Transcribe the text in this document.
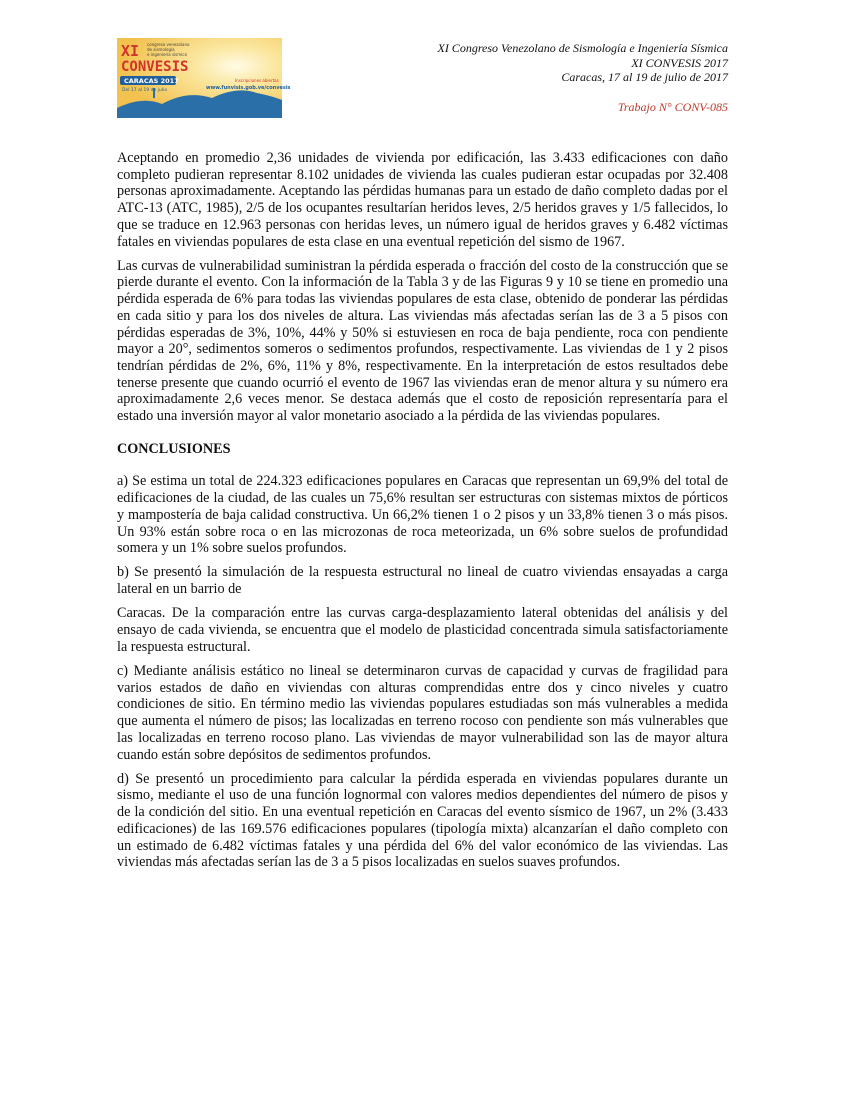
XI
CONVESIS
congreso venezolano
de sismología
e ingeniería sísmica
CARACAS 2017
Del 17 al 19 de julio
Inscripciones abiertas
www.funvisis.gob.ve/convesis
XI Congreso Venezolano de Sismología e Ingeniería Sísmica
XI CONVESIS 2017
Caracas, 17 al 19 de julio de 2017
Trabajo N° CONV-085

Aceptando en promedio 2,36 unidades de vivienda por edificación, las 3.433 edificaciones con daño completo pudieran representar 8.102 unidades de vivienda las cuales pudieran estar ocupadas por 32.408 personas aproximadamente. Aceptando las pérdidas humanas para un estado de daño completo dadas por el ATC-13 (ATC, 1985), 2/5 de los ocupantes resultarían heridos leves, 2/5 heridos graves y 1/5 fallecidos, lo que se traduce en 12.963 personas con heridas leves, un número igual de heridos graves y 6.482 víctimas fatales en viviendas populares de esta clase en una eventual repetición del sismo de 1967.

Las curvas de vulnerabilidad suministran la pérdida esperada o fracción del costo de la construcción que se pierde durante el evento. Con la información de la Tabla 3 y de las Figuras 9 y 10 se tiene en promedio una pérdida esperada de 6% para todas las viviendas populares de esta clase, obtenido de ponderar las pérdidas en cada sitio y para los dos niveles de altura. Las viviendas más afectadas serían las de 3 a 5 pisos con pérdidas esperadas de 3%, 10%, 44% y 50% si estuviesen en roca de baja pendiente, roca con pendiente mayor a 20°, sedimentos someros o sedimentos profundos, respectivamente. Las viviendas de 1 y 2 pisos tendrían pérdidas de 2%, 6%, 11% y 8%, respectivamente. En la interpretación de estos resultados debe tenerse presente que cuando ocurrió el evento de 1967 las viviendas eran de menor altura y su número era aproximadamente 2,6 veces menor. Se destaca además que el costo de reposición representaría para el estado una inversión mayor al valor monetario asociado a la pérdida de las viviendas populares.

CONCLUSIONES

a) Se estima un total de 224.323 edificaciones populares en Caracas que representan un 69,9% del total de edificaciones de la ciudad, de las cuales un 75,6% resultan ser estructuras con sistemas mixtos de pórticos y mampostería de baja calidad constructiva. Un 66,2% tienen 1 o 2 pisos y un 33,8% tienen 3 o más pisos. Un 93% están sobre roca o en las microzonas de roca meteorizada, un 6% sobre suelos de profundidad somera y un 1% sobre suelos profundos.

b) Se presentó la simulación de la respuesta estructural no lineal de cuatro viviendas ensayadas a carga lateral en un barrio de

Caracas. De la comparación entre las curvas carga-desplazamiento lateral obtenidas del análisis y del ensayo de cada vivienda, se encuentra que el modelo de plasticidad concentrada simula satisfactoriamente la respuesta estructural.

c) Mediante análisis estático no lineal se determinaron curvas de capacidad y curvas de fragilidad para varios estados de daño en viviendas con alturas comprendidas entre dos y cinco niveles y cuatro condiciones de sitio. En término medio las viviendas populares estudiadas son más vulnerables a medida que aumenta el número de pisos; las localizadas en terreno rocoso con pendiente son más vulnerables que las localizadas en terreno rocoso plano. Las viviendas de mayor vulnerabilidad son las de mayor altura cuando están sobre depósitos de sedimentos profundos.

d) Se presentó un procedimiento para calcular la pérdida esperada en viviendas populares durante un sismo, mediante el uso de una función lognormal con valores medios dependientes del número de pisos y de la condición del sitio. En una eventual repetición en Caracas del evento sísmico de 1967, un 2% (3.433 edificaciones) de las 169.576 edificaciones populares (tipología mixta) alcanzarían el daño completo con un estimado de 6.482 víctimas fatales y una pérdida del 6% del valor económico de las viviendas. Las viviendas más afectadas serían las de 3 a 5 pisos localizadas en suelos suaves profundos.
